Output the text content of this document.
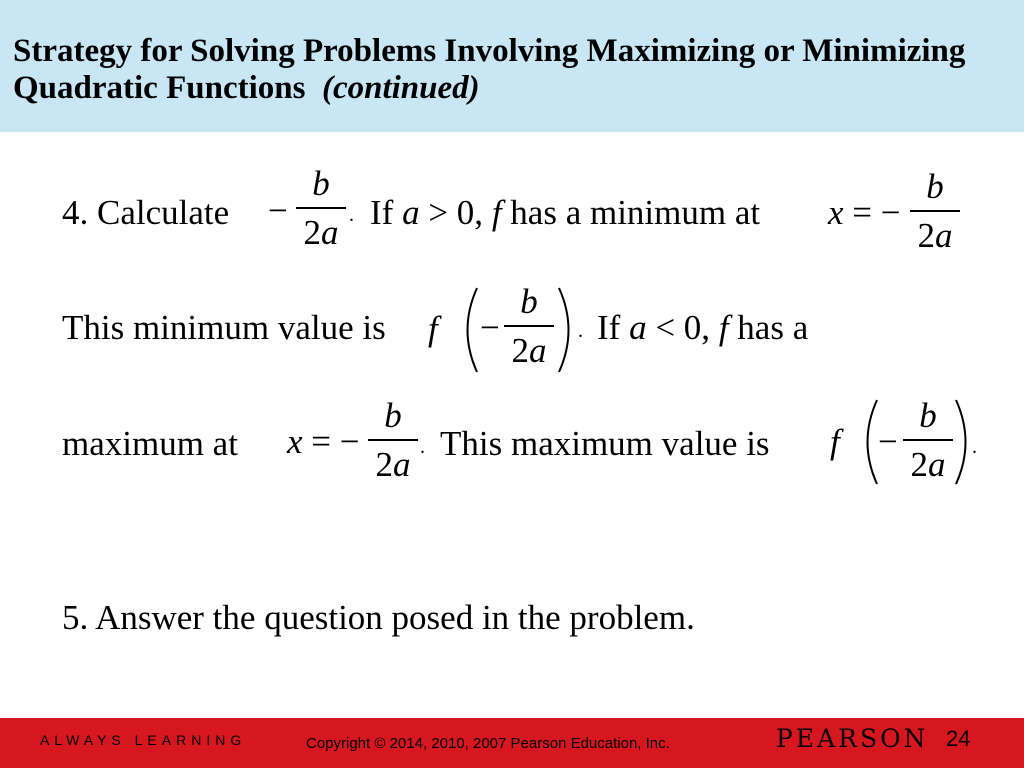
Strategy for Solving Problems Involving Maximizing or Minimizing Quadratic Functions (continued)
4. Calculate −
b
2a . If a > 0, f has a minimum at x = −
b
2a
This minimum value is f −
b
2a	. If a < 0, f has a
maximum at x = −
b
2a . This maximum value is f −
b
2a	.
5. Answer the question posed in the problem.
ALWAYS LEARNING	Copyright © 2014, 2010, 2007 Pearson Education, Inc.	PEARSON 24
